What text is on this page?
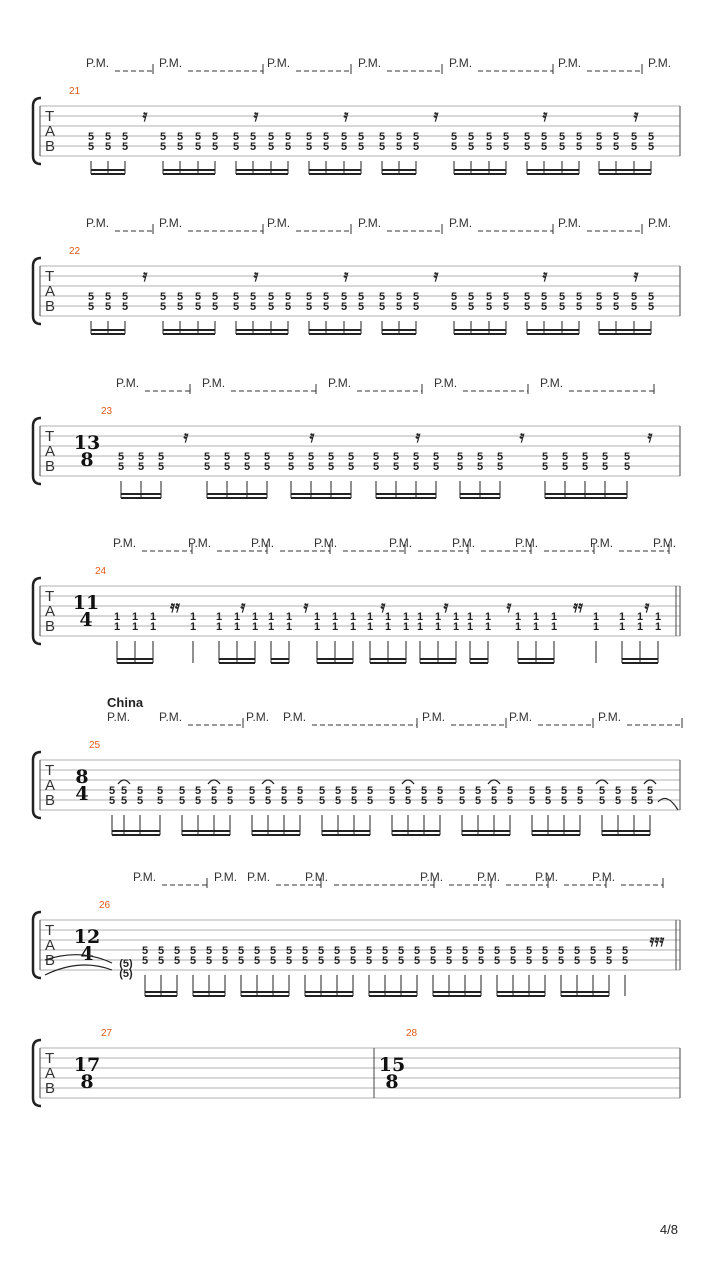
T
A
B
21
P.M.	P.M.	P.M.	P.M.	P.M.	P.M.	P.M.
5
5
5
5
5
5
5
5
5
5
5
5
5
5
5
5
5
5
5
5
5
5
5
5
5
5
5
5
5
5
5
5
5
5
5
5
5
5
5
5
5
5
5
5
5
5
5
5
5
5
5
5
5
5
5
5
5
5
5
5
𝄿	𝄿	𝄿	𝄿	𝄿	𝄿
T
A
B
22
P.M.	P.M.	P.M.	P.M.	P.M.	P.M.	P.M.
5
5
5
5
5
5
5
5
5
5
5
5
5
5
5
5
5
5
5
5
5
5
5
5
5
5
5
5
5
5
5
5
5
5
5
5
5
5
5
5
5
5
5
5
5
5
5
5
5
5
5
5
5
5
5
5
5
5
5
5
𝄿	𝄿	𝄿	𝄿	𝄿	𝄿
T
A
B
23
13
8
P.M.	P.M.	P.M.	P.M.	P.M.
5
5
5
5
5
5
5
5
5
5
5
5
5
5
5
5
5
5
5
5
5
5
5
5
5
5
5
5
5
5
5
5
5
5
5
5
5
5
5
5
5
5
5
5
5
5
𝄿	𝄿	𝄿	𝄿	𝄿
T
A
B
24
11
4
P.M.	P.M.	P.M.	P.M.	P.M.	P.M.	P.M.	P.M.	P.M.
1
1
1
1
1
1
1
1
1
1
1
1
1
1
1
1
1
1
1
1
1
1
1
1
1
1
1
1
1
1
1
1
1
1
1
1
1
1
1
1
1
1
1
1
1
1
1
1
1
1
1
1
1
1
𝄿𝄿	𝄿	𝄿	𝄿	𝄿	𝄿	𝄿𝄿	𝄿
T
A
B
25
China
8
4
P.M. P.M.	P.M. P.M.	P.M.	P.M.	P.M.
5
5
5
5
5
5
5
5
5
5
5
5
5
5
5
5
5
5
5
5
5
5
5
5
5
5
5
5
5
5
5
5
5
5
5
5
5
5
5
5
5
5
5
5
5
5
5
5
5
5
5
5
5
5
5
5
5
5
5
5
5
5
5
5
T
A
B
26
12
4
P.M.	P.M. P.M.	P.M.	P.M.	P.M.	P.M.	P.M.
(5)
(5)
5
5
5
5
5
5
5
5
5
5
5
5
5
5
5
5
5
5
5
5
5
5
5
5
5
5
5
5
5
5
5
5
5
5
5
5
5
5
5
5
5
5
5
5
5
5
5
5
5
5
5
5
5
5
5
5
5
5
5
5
5
5
𝄿𝄿𝄿
T
A
B
27	28
17
8
15
8
4/8
